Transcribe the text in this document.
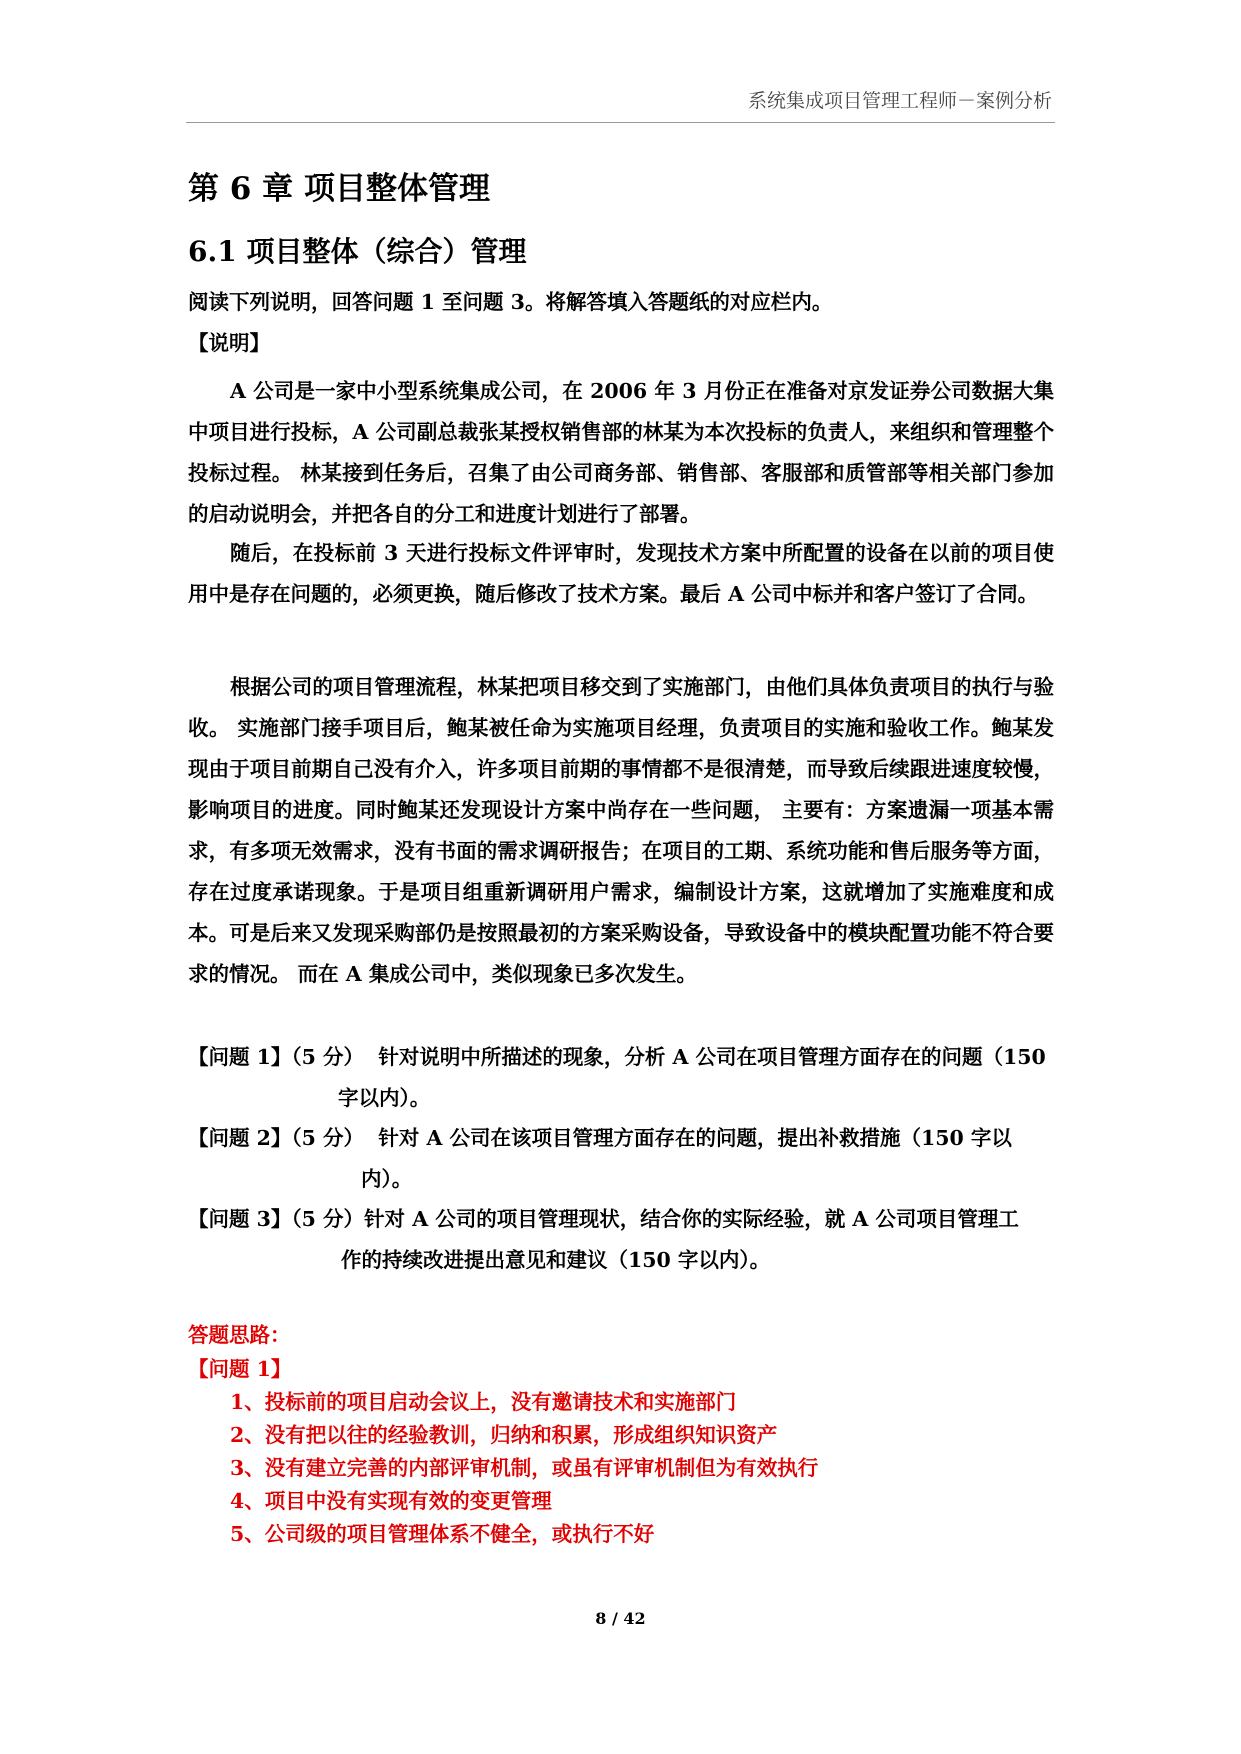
系统集成项目管理工程师－案例分析
第 6 章 项目整体管理
6.1 项目整体（综合）管理
阅读下列说明，回答问题 1 至问题 3。将解答填入答题纸的对应栏内。
【说明】

A 公司是一家中小型系统集成公司，在 2006 年 3 月份正在准备对京发证券公司数据大集中项目进行投标，A 公司副总裁张某授权销售部的林某为本次投标的负责人，来组织和管理整个投标过程。 林某接到任务后，召集了由公司商务部、销售部、客服部和质管部等相关部门参加的启动说明会，并把各自的分工和进度计划进行了部署。

随后，在投标前 3 天进行投标文件评审时，发现技术方案中所配置的设备在以前的项目使用中是存在问题的，必须更换，随后修改了技术方案。最后 A 公司中标并和客户签订了合同。

根据公司的项目管理流程，林某把项目移交到了实施部门，由他们具体负责项目的执行与验收。 实施部门接手项目后，鲍某被任命为实施项目经理，负责项目的实施和验收工作。鲍某发现由于项目前期自己没有介入，许多项目前期的事情都不是很清楚，而导致后续跟进速度较慢，影响项目的进度。同时鲍某还发现设计方案中尚存在一些问题， 主要有：方案遗漏一项基本需求，有多项无效需求，没有书面的需求调研报告；在项目的工期、系统功能和售后服务等方面，存在过度承诺现象。于是项目组重新调研用户需求，编制设计方案，这就增加了实施难度和成本。可是后来又发现采购部仍是按照最初的方案采购设备，导致设备中的模块配置功能不符合要求的情况。 而在 A 集成公司中，类似现象已多次发生。

【问题 1】（5 分）  针对说明中所描述的现象，分析 A 公司在项目管理方面存在的问题（150
字以内）。
【问题 2】（5 分）  针对 A 公司在该项目管理方面存在的问题，提出补救措施（150 字以
内）。
【问题 3】（5 分）针对 A 公司的项目管理现状，结合你的实际经验，就 A 公司项目管理工
作的持续改进提出意见和建议（150 字以内）。
答题思路：
【问题 1】
1、投标前的项目启动会议上，没有邀请技术和实施部门
2、没有把以往的经验教训，归纳和积累，形成组织知识资产
3、没有建立完善的内部评审机制，或虽有评审机制但为有效执行
4、项目中没有实现有效的变更管理
5、公司级的项目管理体系不健全，或执行不好
8 / 42
